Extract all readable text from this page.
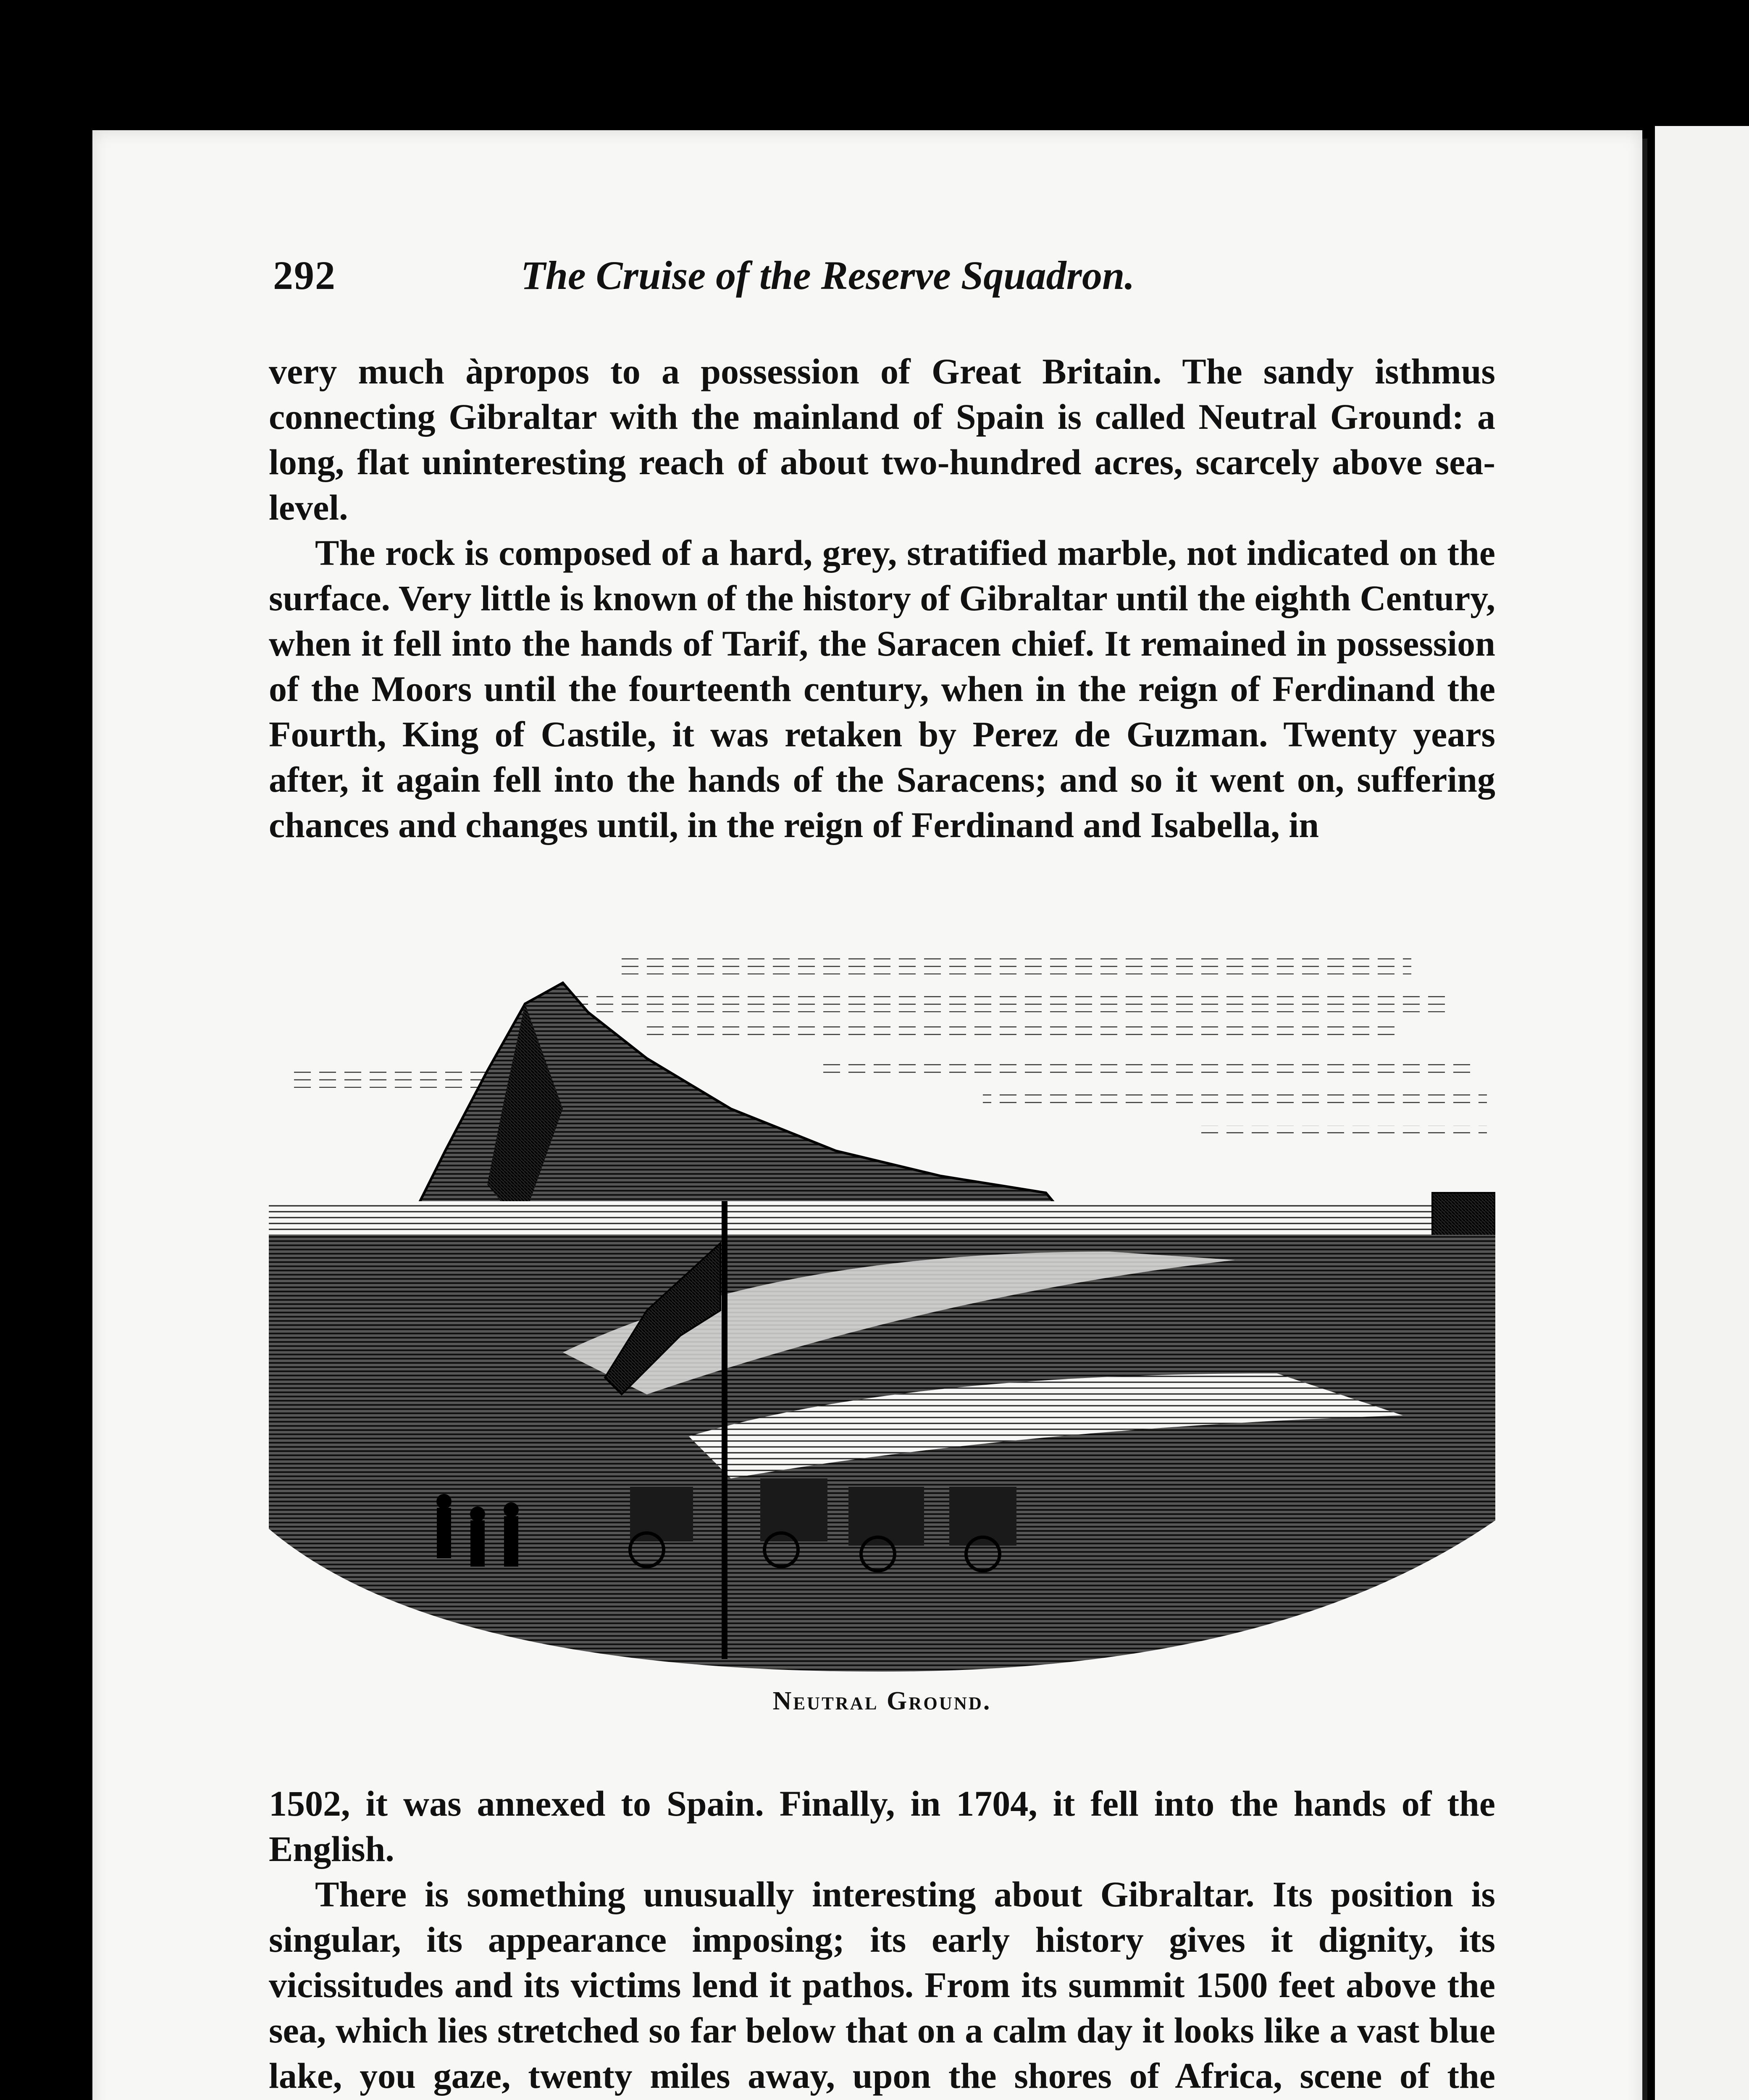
292	The Cruise of the Reserve Squadron.

very much àpropos to a possession of Great Britain. The sandy isthmus connecting Gibraltar with the mainland of Spain is called Neutral Ground: a long, flat uninteresting reach of about two-hundred acres, scarcely above sea-level.

The rock is composed of a hard, grey, stratified marble, not indicated on the surface. Very little is known of the history of Gibraltar until the eighth Century, when it fell into the hands of Tarif, the Saracen chief. It remained in possession of the Moors until the fourteenth century, when in the reign of Ferdinand the Fourth, King of Castile, it was retaken by Perez de Guzman. Twenty years after, it again fell into the hands of the Saracens; and so it went on, suffering chances and changes until, in the reign of Ferdinand and Isabella, in

Neutral Ground.

1502, it was annexed to Spain. Finally, in 1704, it fell into the hands of the English.

There is something unusually interesting about Gibraltar. Its position is singular, its appearance imposing; its early history gives it dignity, its vicissitudes and its victims lend it pathos. From its summit 1500 feet above the sea, which lies stretched so far below that on a calm day it looks like a vast blue lake, you gaze, twenty miles away, upon the shores of Africa, scene of the
